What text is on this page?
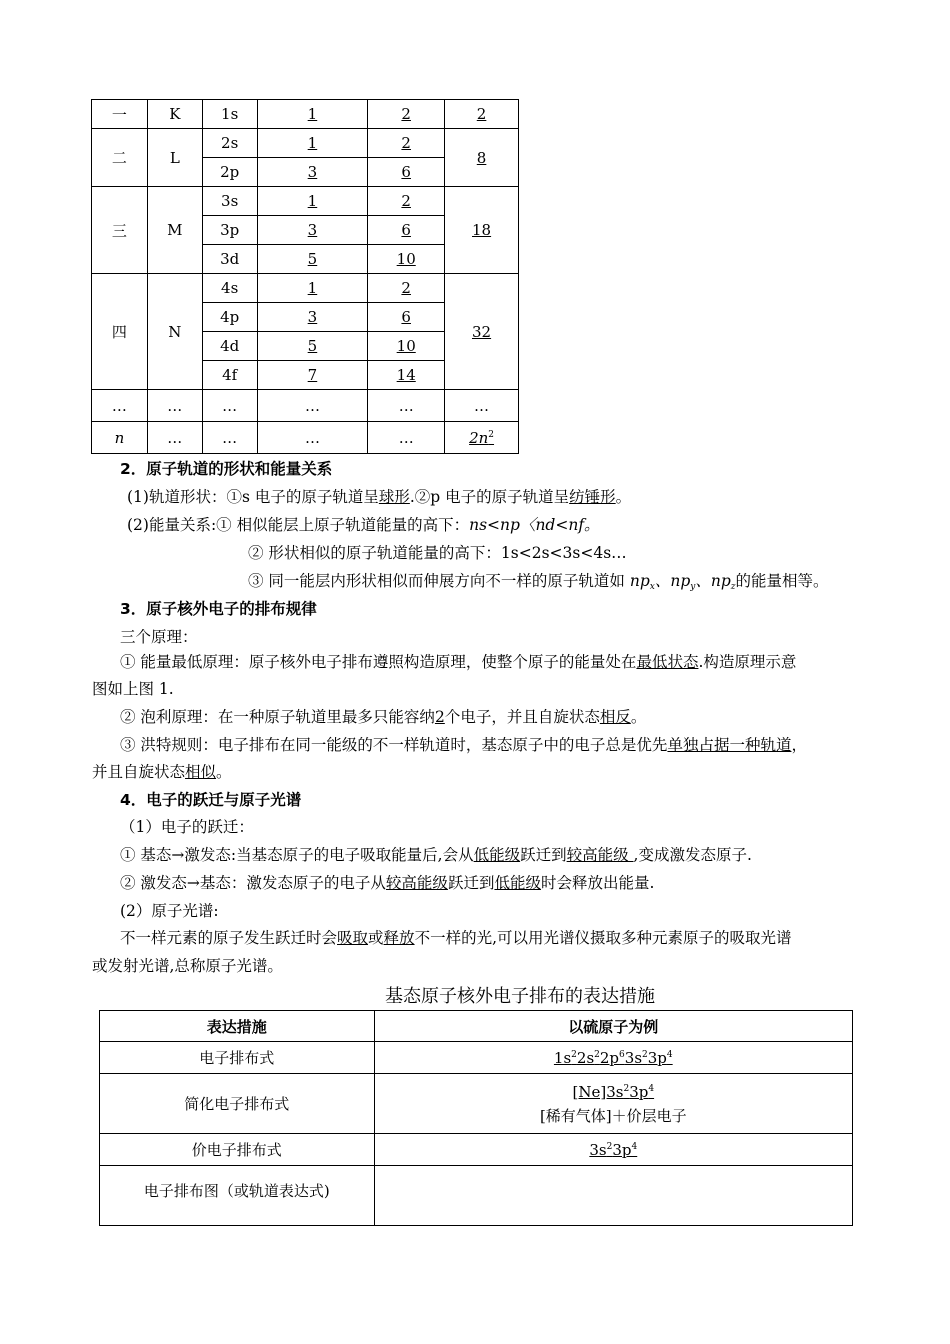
一	K	1s	1	2	2
二	L	2s	1	2	8
		2p	3	6	
三	M	3s	1	2	18
		3p	3	6	
		3d	5	10	
四	N	4s	1	2	32
		4p	3	6	
		4d	5	10	
		4f	7	14	
…	…	…	…	…	…
n	…	…	…	…	$2n^2$
2．原子轨道的形状和能量关系
(1)轨道形状：①s 电子的原子轨道呈球形.②p 电子的原子轨道呈纺锤形。
(2)能量关系:① 相似能层上原子轨道能量的高下：ns<np〈nd<nf。
② 形状相似的原子轨道能量的高下：1s<2s<3s<4s…
③ 同一能层内形状相似而伸展方向不一样的原子轨道如 $np_x$、$np_y$、$np_z$的能量相等。
3．原子核外电子的排布规律
三个原理：
① 能量最低原理：原子核外电子排布遵照构造原理，使整个原子的能量处在最低状态.构造原理示意
图如上图 1.
② 泡利原理：在一种原子轨道里最多只能容纳2个电子，并且自旋状态相反。
③ 洪特规则：电子排布在同一能级的不一样轨道时，基态原子中的电子总是优先单独占据一种轨道，
并且自旋状态相似。
4．电子的跃迁与原子光谱
（1）电子的跃迁：
① 基态→激发态:当基态原子的电子吸取能量后,会从低能级跃迁到较高能级 ,变成激发态原子.
② 激发态→基态：激发态原子的电子从较高能级跃迁到低能级时会释放出能量.
(2）原子光谱:
不一样元素的原子发生跃迁时会吸取或释放不一样的光,可以用光谱仪摄取多种元素原子的吸取光谱
或发射光谱,总称原子光谱。
基态原子核外电子排布的表达措施
表达措施	以硫原子为例
电子排布式	$1s^22s^22p^63s^23p^4$
简化电子排布式	$[Ne]3s^23p^4$
[稀有气体]＋价层电子

价电子排布式	$3s^23p^4$
电子排布图（或轨道表达式)	
